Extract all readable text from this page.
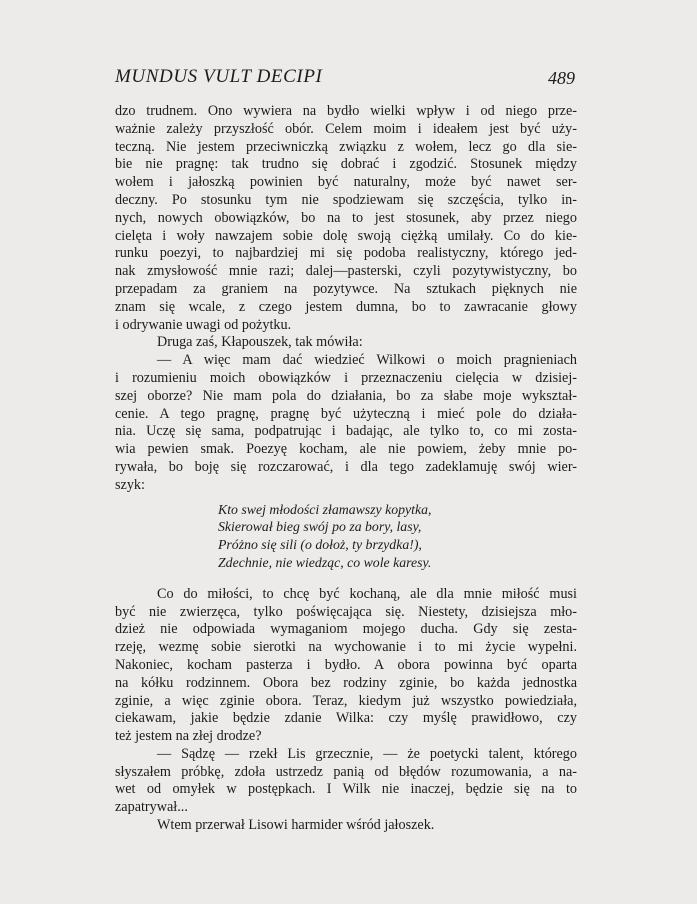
MUNDUS VULT DECIPI	489
dzo trudnem. Ono wywiera na bydło wielki wpływ i od niego prze-
ważnie zależy przyszłość obór. Celem moim i ideałem jest być uży-
teczną. Nie jestem przeciwniczką związku z wołem, lecz go dla sie-
bie nie pragnę: tak trudno się dobrać i zgodzić. Stosunek między
wołem i jałoszką powinien być naturalny, może być nawet ser-
deczny. Po stosunku tym nie spodziewam się szczęścia, tylko in-
nych, nowych obowiązków, bo na to jest stosunek, aby przez niego
cielęta i woły nawzajem sobie dolę swoją ciężką umilały. Co do kie-
runku poezyi, to najbardziej mi się podoba realistyczny, którego jed-
nak zmysłowość mnie razi; dalej—pasterski, czyli pozytywistyczny, bo
przepadam za graniem na pozytywce. Na sztukach pięknych nie
znam się wcale, z czego jestem dumna, bo to zawracanie głowy
i odrywanie uwagi od pożytku.
Druga zaś, Kłapouszek, tak mówiła:
— A więc mam dać wiedzieć Wilkowi o moich pragnieniach
i rozumieniu moich obowiązków i przeznaczeniu cielęcia w dzisiej-
szej oborze? Nie mam pola do działania, bo za słabe moje wykształ-
cenie. A tego pragnę, pragnę być użyteczną i mieć pole do działa-
nia. Uczę się sama, podpatrując i badając, ale tylko to, co mi zosta-
wia pewien smak. Poezyę kocham, ale nie powiem, żeby mnie po-
rywała, bo boję się rozczarować, i dla tego zadeklamuję swój wier-
szyk:
Kto swej młodości złamawszy kopytka,
Skierował bieg swój po za bory, lasy,
Próżno się sili (o dołoż, ty brzydka!),
Zdechnie, nie wiedząc, co wole karesy.
Co do miłości, to chcę być kochaną, ale dla mnie miłość musi
być nie zwierzęca, tylko poświęcająca się. Niestety, dzisiejsza mło-
dzież nie odpowiada wymaganiom mojego ducha. Gdy się zesta-
rzeję, wezmę sobie sierotki na wychowanie i to mi życie wypełni.
Nakoniec, kocham pasterza i bydło. A obora powinna być oparta
na kółku rodzinnem. Obora bez rodziny zginie, bo każda jednostka
zginie, a więc zginie obora. Teraz, kiedym już wszystko powiedziała,
ciekawam, jakie będzie zdanie Wilka: czy myślę prawidłowo, czy
też jestem na złej drodze?
— Sądzę — rzekł Lis grzecznie, — że poetycki talent, którego
słyszałem próbkę, zdoła ustrzedz panią od błędów rozumowania, a na-
wet od omyłek w postępkach. I Wilk nie inaczej, będzie się na to
zapatrywał...
Wtem przerwał Lisowi harmider wśród jałoszek.
